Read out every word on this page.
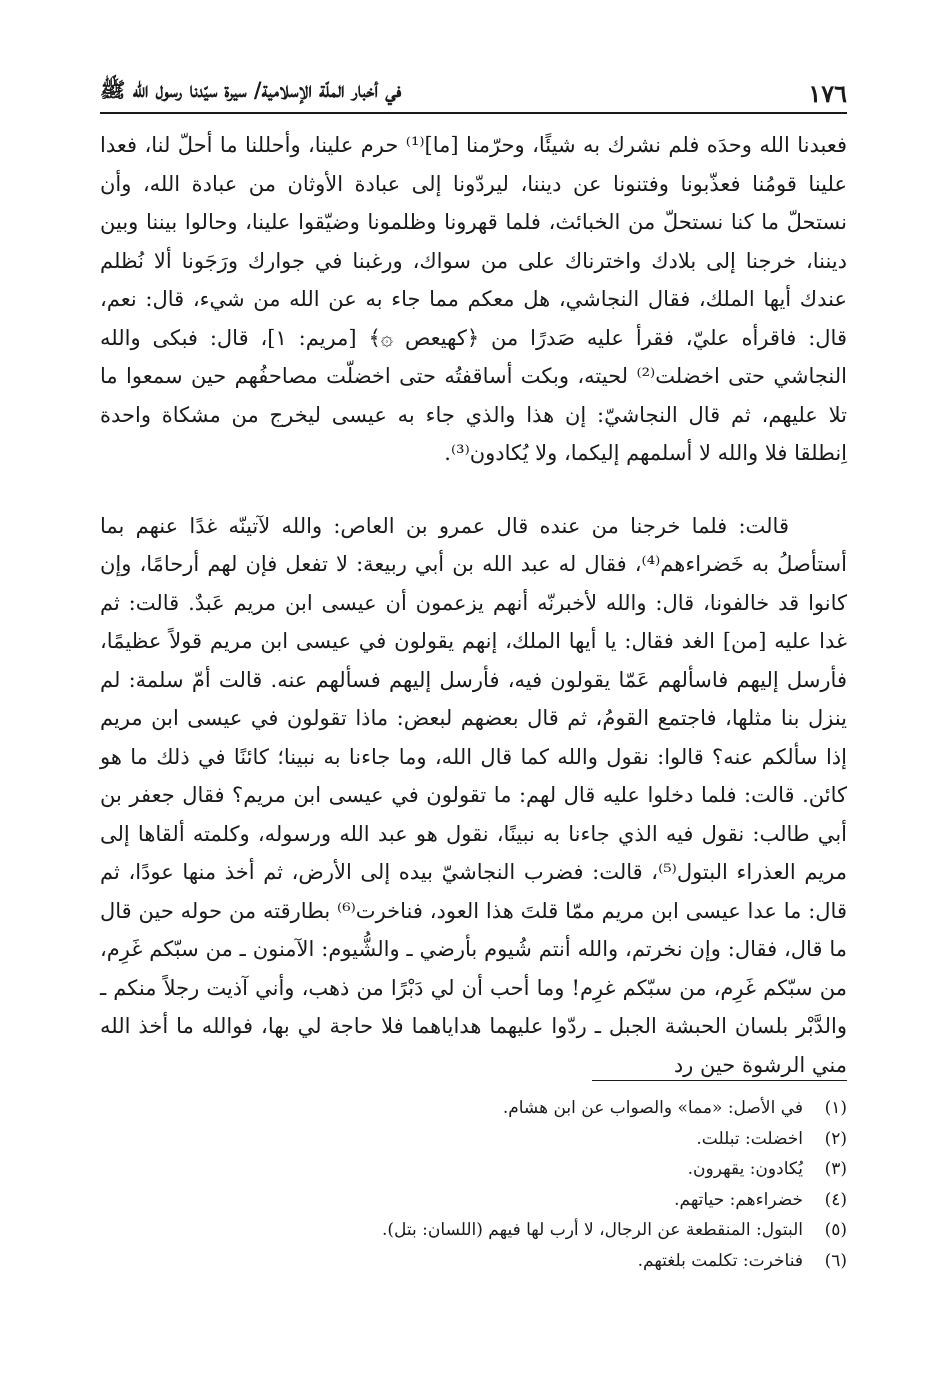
١٧٦
في أخبار الملّة الإسلامية/ سيرة سيّدنا رسول الله ﷺ

فعبدنا الله وحدَه فلم نشرك به شيئًا، وحرّمنا [ما]⁽¹⁾ حرم علينا، وأحللنا ما أحلّ لنا، فعدا علينا قومُنا فعذّبونا وفتنونا عن ديننا، ليردّونا إلى عبادة الأوثان من عبادة الله، وأن نستحلّ ما كنا نستحلّ من الخبائث، فلما قهرونا وظلمونا وضيّقوا علينا، وحالوا بيننا وبين ديننا، خرجنا إلى بلادك واخترناك على من سواك، ورغبنا في جوارك ورَجَونا ألا نُظلم عندك أيها الملك، فقال النجاشي، هل معكم مما جاء به عن الله من شيء، قال: نعم، قال: فاقرأه عليّ، فقرأ عليه صَدرًا من ﴿كهيعص ۞﴾ [مريم: ١]، قال: فبكى والله النجاشي حتى اخضلت⁽²⁾ لحيته، وبكت أساقفتُه حتى اخضلّت مصاحفُهم حين سمعوا ما تلا عليهم، ثم قال النجاشيّ: إن هذا والذي جاء به عيسى ليخرج من مشكاة واحدة اِنطلقا فلا والله لا أسلمهم إليكما، ولا يُكادون⁽³⁾.

قالت: فلما خرجنا من عنده قال عمرو بن العاص: والله لآتينّه غدًا عنهم بما أستأصلُ به خَضراءهم⁽⁴⁾، فقال له عبد الله بن أبي ربيعة: لا تفعل فإن لهم أرحامًا، وإن كانوا قد خالفونا، قال: والله لأخبرنّه أنهم يزعمون أن عيسى ابن مريم عَبدٌ. قالت: ثم غدا عليه [من] الغد فقال: يا أيها الملك، إنهم يقولون في عيسى ابن مريم قولاً عظيمًا، فأرسل إليهم فاسألهم عَمّا يقولون فيه، فأرسل إليهم فسألهم عنه. قالت أمّ سلمة: لم ينزل بنا مثلها، فاجتمع القومُ، ثم قال بعضهم لبعض: ماذا تقولون في عيسى ابن مريم إذا سألكم عنه؟ قالوا: نقول والله كما قال الله، وما جاءنا به نبينا؛ كائنًا في ذلك ما هو كائن. قالت: فلما دخلوا عليه قال لهم: ما تقولون في عيسى ابن مريم؟ فقال جعفر بن أبي طالب: نقول فيه الذي جاءنا به نبينًا، نقول هو عبد الله ورسوله، وكلمته ألقاها إلى مريم العذراء البتول⁽⁵⁾، قالت: فضرب النجاشيّ بيده إلى الأرض، ثم أخذ منها عودًا، ثم قال: ما عدا عيسى ابن مريم ممّا قلتَ هذا العود، فناخرت⁽⁶⁾ بطارقته من حوله حين قال ما قال، فقال: وإن نخرتم، والله أنتم شُيوم بأرضي ـ والشُّيوم: الآمنون ـ من سبّكم غَرِم، من سبّكم غَرِم، من سبّكم غرِم! وما أحب أن لي دَبْرًا من ذهب، وأني آذيت رجلاً منكم ـ والدَّبْر بلسان الحبشة الجبل ـ ردّوا عليهما هداياهما فلا حاجة لي بها، فوالله ما أخذ الله مني الرشوة حين رد

(١)
في الأصل: «مما» والصواب عن ابن هشام.
(٢)
اخضلت: تبللت.
(٣)
يُكادون: يقهرون.
(٤)
خضراءهم: حياتهم.
(٥)
البتول: المنقطعة عن الرجال، لا أرب لها فيهم (اللسان: بتل).
(٦)
فناخرت: تكلمت بلغتهم.
